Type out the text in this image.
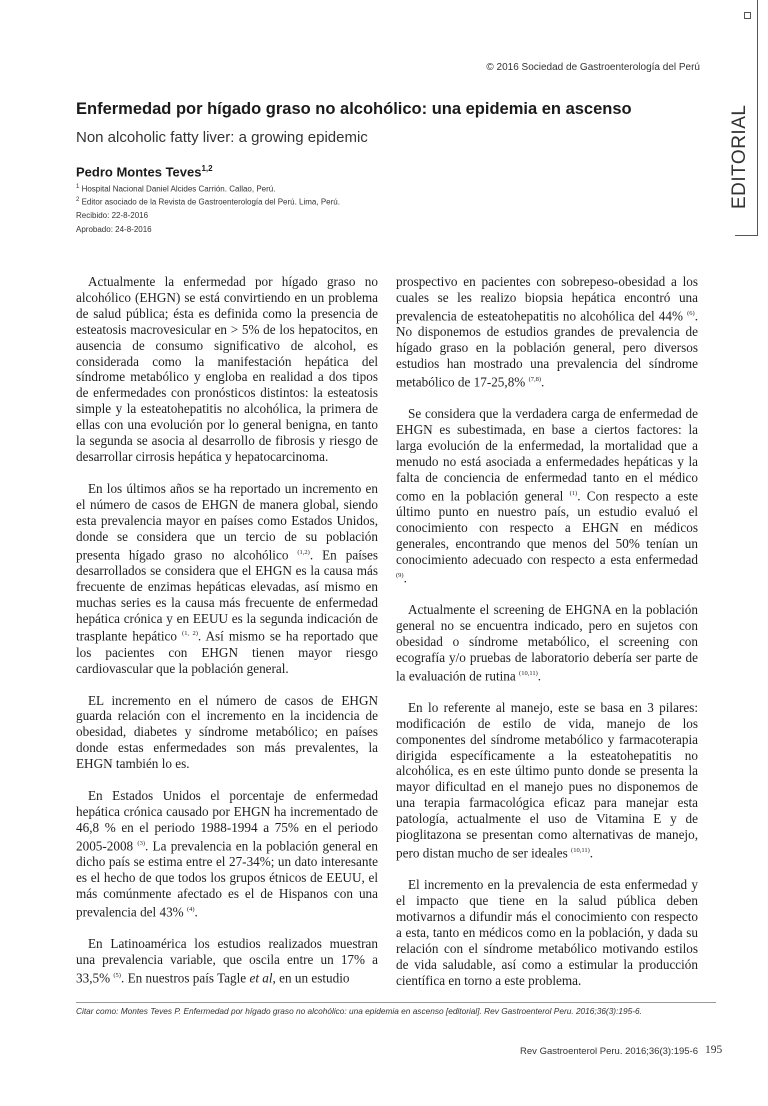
© 2016 Sociedad de Gastroenterología del Perú
EDITORIAL
Enfermedad por hígado graso no alcohólico: una epidemia en ascenso
Non alcoholic fatty liver: a growing epidemic
Pedro Montes Teves$^{1,2}$
$^1$ Hospital Nacional Daniel Alcides Carrión. Callao, Perú.
$^2$ Editor asociado de la Revista de Gastroenterología del Perú. Lima, Perú.
Recibido: 22-8-2016
Aprobado: 24-8-2016

Actualmente la enfermedad por hígado graso no alcohólico (EHGN) se está convirtiendo en un problema de salud pública; ésta es definida como la presencia de esteatosis macrovesicular en > 5% de los hepatocitos, en ausencia de consumo significativo de alcohol, es considerada como la manifestación hepática del síndrome metabólico y engloba en realidad a dos tipos de enfermedades con pronósticos distintos: la esteatosis simple y la esteatohepatitis no alcohólica, la primera de ellas con una evolución por lo general benigna, en tanto la segunda se asocia al desarrollo de fibrosis y riesgo de desarrollar cirrosis hepática y hepatocarcinoma.

En los últimos años se ha reportado un incremento en el número de casos de EHGN de manera global, siendo esta prevalencia mayor en países como Estados Unidos, donde se considera que un tercio de su población presenta hígado graso no alcohólico $^{(1,2)}$. En países desarrollados se considera que el EHGN es la causa más frecuente de enzimas hepáticas elevadas, así mismo en muchas series es la causa más frecuente de enfermedad hepática crónica y en EEUU es la segunda indicación de trasplante hepático $^{(1, 2)}$. Así mismo se ha reportado que los pacientes con EHGN tienen mayor riesgo cardiovascular que la población general.

EL incremento en el número de casos de EHGN guarda relación con el incremento en la incidencia de obesidad, diabetes y síndrome metabólico; en países donde estas enfermedades son más prevalentes, la EHGN también lo es.

En Estados Unidos el porcentaje de enfermedad hepática crónica causado por EHGN ha incrementado de 46,8 % en el periodo 1988-1994 a 75% en el periodo 2005-2008 $^{(3)}$. La prevalencia en la población general en dicho país se estima entre el 27-34%; un dato interesante es el hecho de que todos los grupos étnicos de EEUU, el más comúnmente afectado es el de Hispanos con una prevalencia del 43% $^{(4)}$.

En Latinoamérica los estudios realizados muestran una prevalencia variable, que oscila entre un 17% a 33,5% $^{(5)}$. En nuestros país Tagle et al, en un estudio

prospectivo en pacientes con sobrepeso-obesidad a los cuales se les realizo biopsia hepática encontró una prevalencia de esteatohepatitis no alcohólica del 44% $^{(6)}$. No disponemos de estudios grandes de prevalencia de hígado graso en la población general, pero diversos estudios han mostrado una prevalencia del síndrome metabólico de 17-25,8% $^{(7,8)}$.

Se considera que la verdadera carga de enfermedad de EHGN es subestimada, en base a ciertos factores: la larga evolución de la enfermedad, la mortalidad que a menudo no está asociada a enfermedades hepáticas y la falta de conciencia de enfermedad tanto en el médico como en la población general $^{(1)}$. Con respecto a este último punto en nuestro país, un estudio evaluó el conocimiento con respecto a EHGN en médicos generales, encontrando que menos del 50% tenían un conocimiento adecuado con respecto a esta enfermedad $^{(9)}$.

Actualmente el screening de EHGNA en la población general no se encuentra indicado, pero en sujetos con obesidad o síndrome metabólico, el screening con ecografía y/o pruebas de laboratorio debería ser parte de la evaluación de rutina $^{(10,11)}$.

En lo referente al manejo, este se basa en 3 pilares: modificación de estilo de vida, manejo de los componentes del síndrome metabólico y farmacoterapia dirigida específicamente a la esteatohepatitis no alcohólica, es en este último punto donde se presenta la mayor dificultad en el manejo pues no disponemos de una terapia farmacológica eficaz para manejar esta patología, actualmente el uso de Vitamina E y de pioglitazona se presentan como alternativas de manejo, pero distan mucho de ser ideales $^{(10,11)}$.

El incremento en la prevalencia de esta enfermedad y el impacto que tiene en la salud pública deben motivarnos a difundir más el conocimiento con respecto a esta, tanto en médicos como en la población, y dada su relación con el síndrome metabólico motivando estilos de vida saludable, así como a estimular la producción científica en torno a este problema.

Citar como: Montes Teves P. Enfermedad por hígado graso no alcohólico: una epidemia en ascenso [editorial]. Rev Gastroenterol Peru. 2016;36(3):195-6.
Rev Gastroenterol Peru. 2016;36(3):195-6 195
